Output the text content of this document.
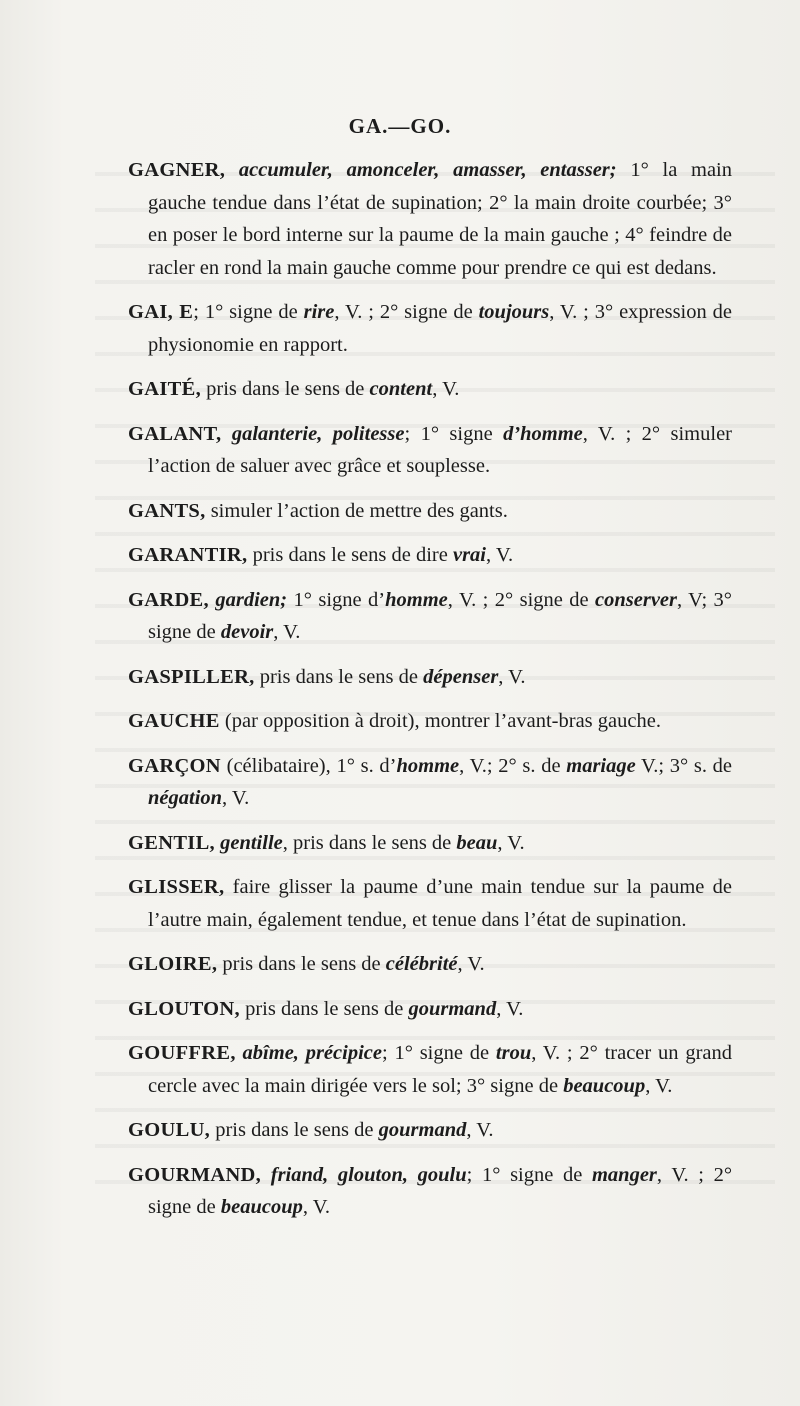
GA.—GO.

GAGNER, accumuler, amonceler, amasser, entasser; 1° la main gauche tendue dans l’état de supination; 2° la main droite courbée; 3° en poser le bord interne sur la paume de la main gauche ; 4° feindre de racler en rond la main gauche comme pour prendre ce qui est dedans.

GAI, E; 1° signe de rire, V. ; 2° signe de toujours, V. ; 3° expression de physionomie en rapport.

GAITÉ, pris dans le sens de content, V.

GALANT, galanterie, politesse; 1° signe d’homme, V. ; 2° simuler l’action de saluer avec grâce et souplesse.

GANTS, simuler l’action de mettre des gants.

GARANTIR, pris dans le sens de dire vrai, V.

GARDE, gardien; 1° signe d’homme, V. ; 2° signe de conserver, V; 3° signe de devoir, V.

GASPILLER, pris dans le sens de dépenser, V.

GAUCHE (par opposition à droit), montrer l’avant-bras gauche.

GARÇON (célibataire), 1° s. d’homme, V.; 2° s. de mariage V.; 3° s. de négation, V.

GENTIL, gentille, pris dans le sens de beau, V.

GLISSER, faire glisser la paume d’une main tendue sur la paume de l’autre main, également tendue, et tenue dans l’état de supination.

GLOIRE, pris dans le sens de célébrité, V.

GLOUTON, pris dans le sens de gourmand, V.

GOUFFRE, abîme, précipice; 1° signe de trou, V. ; 2° tracer un grand cercle avec la main dirigée vers le sol; 3° signe de beaucoup, V.

GOULU, pris dans le sens de gourmand, V.

GOURMAND, friand, glouton, goulu; 1° signe de manger, V. ; 2° signe de beaucoup, V.
